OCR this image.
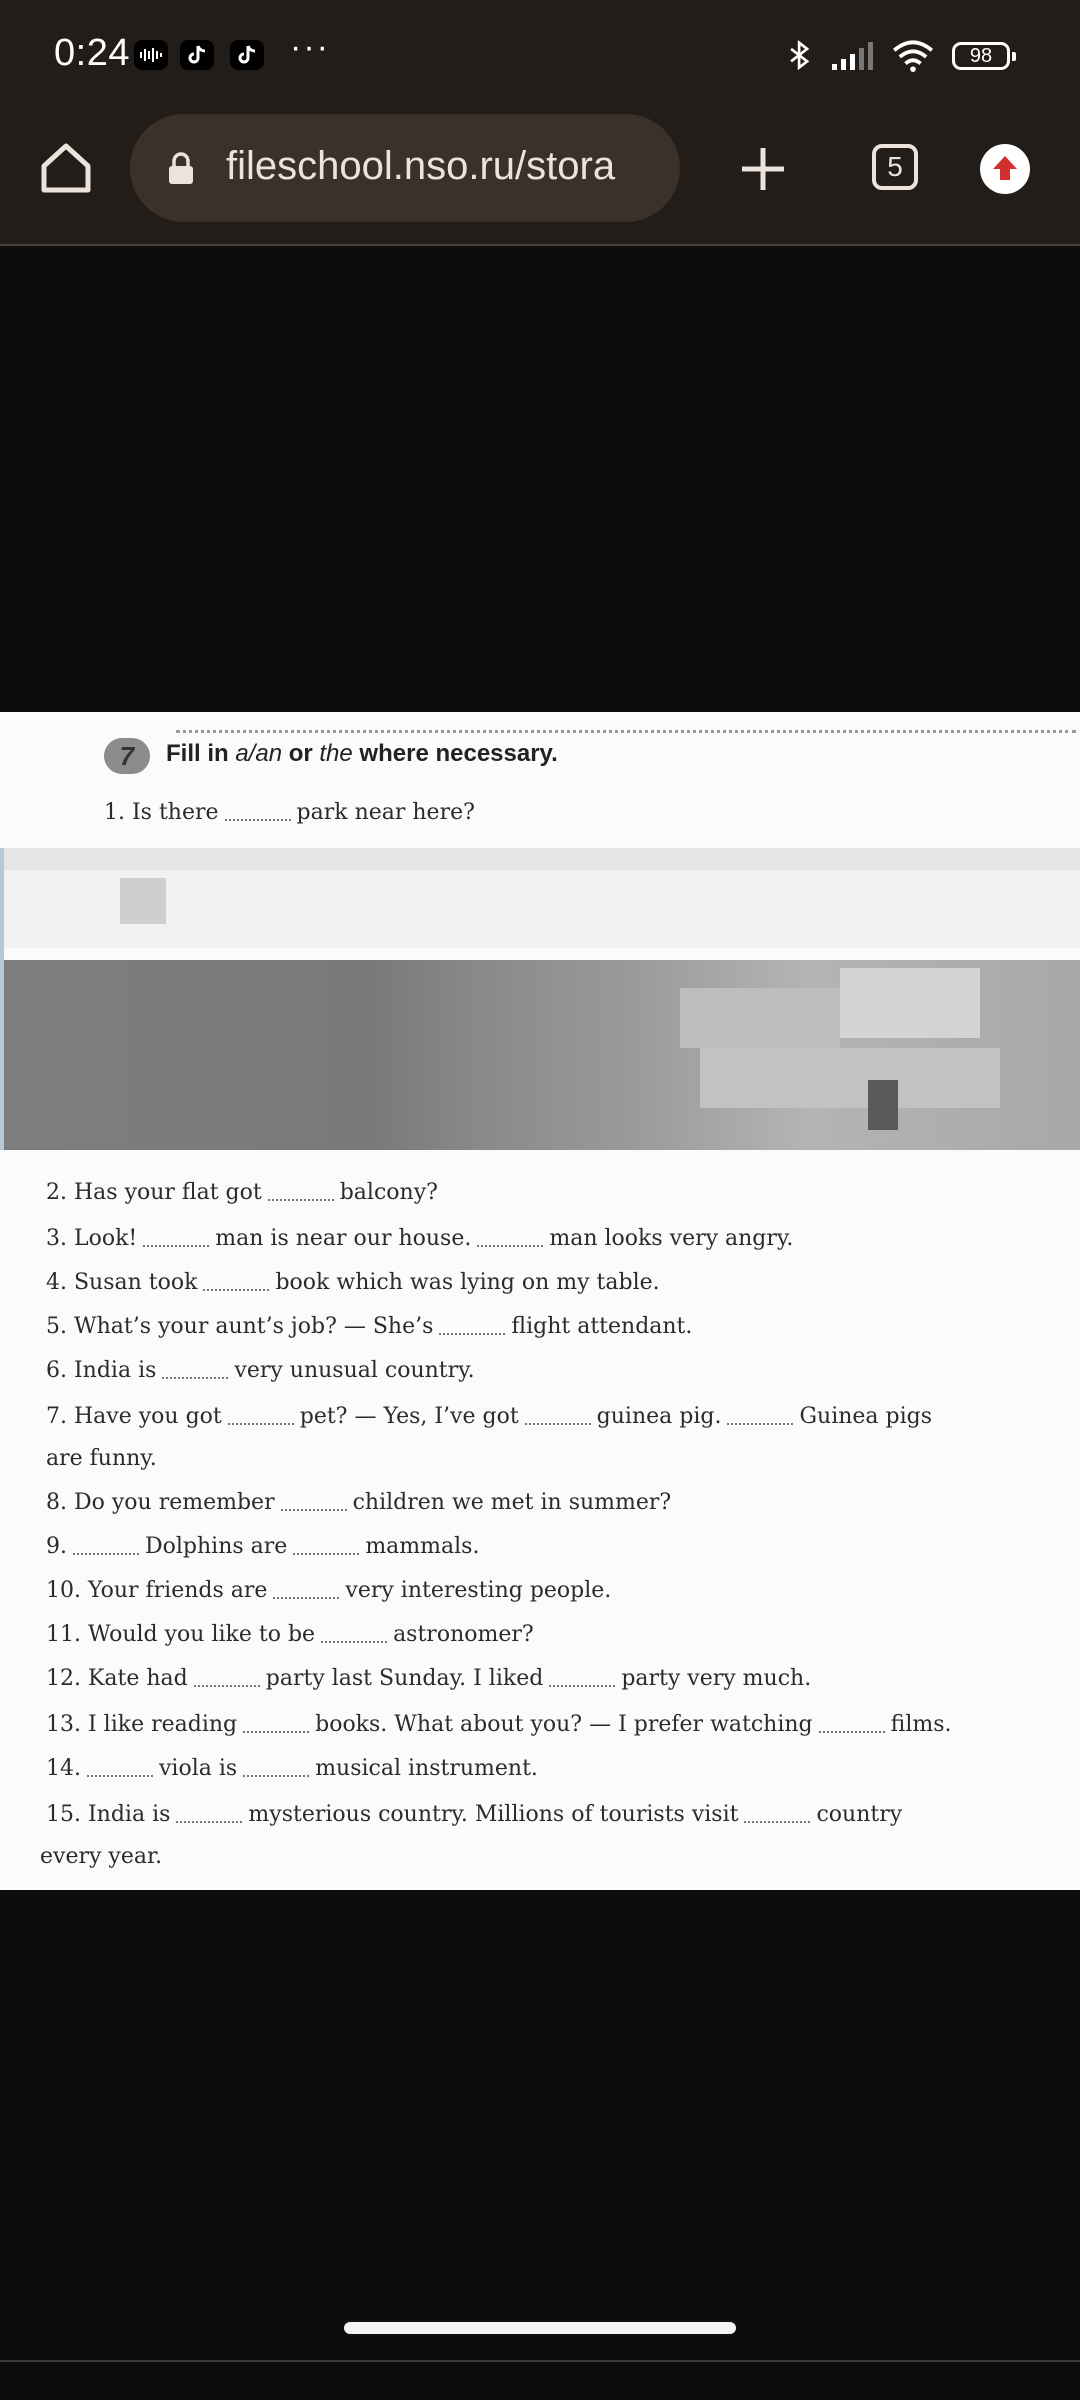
0:24	···	98
fileschool.nso.ru/stora	5
7	Fill in a/an or the where necessary.
1. Is there	park near here?
2. Has your flat got	balcony?
3. Look!	man is near our house.	man looks very angry.
4. Susan took	book which was lying on my table.
5. What’s your aunt’s job? — She’s	flight attendant.
6. India is	very unusual country.
7. Have you got	pet? — Yes, I’ve got	guinea pig.	Guinea pigs
are funny.
8. Do you remember	children we met in summer?
9.	Dolphins are	mammals.
10. Your friends are	very interesting people.
11. Would you like to be	astronomer?
12. Kate had	party last Sunday. I liked	party very much.
13. I like reading	books. What about you? — I prefer watching	films.
14.	viola is	musical instrument.
15. India is	mysterious country. Millions of tourists visit	country
every year.
